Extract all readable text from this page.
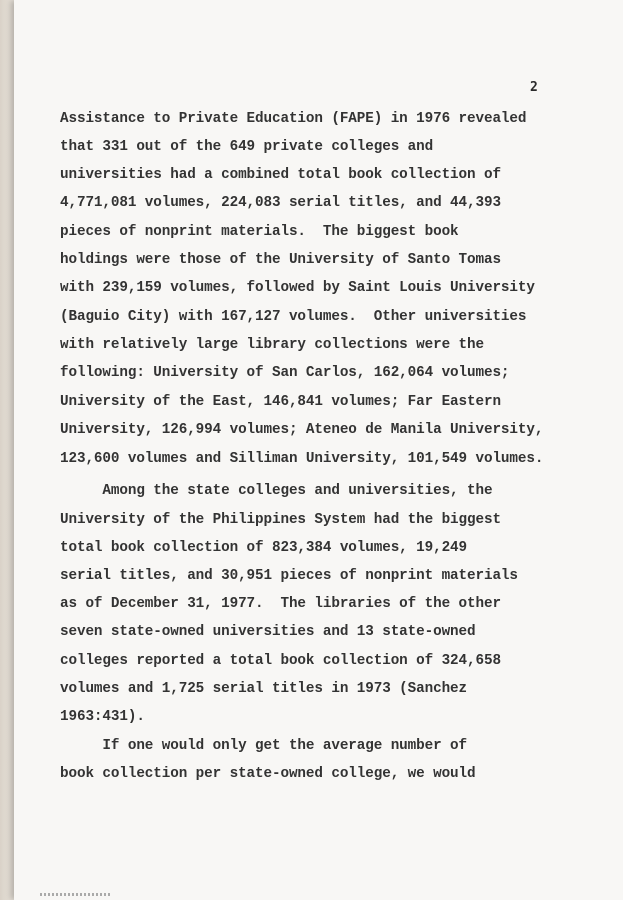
2
Assistance to Private Education (FAPE) in 1976 revealed
that 331 out of the 649 private colleges and
universities had a combined total book collection of
4,771,081 volumes, 224,083 serial titles, and 44,393
pieces of nonprint materials.  The biggest book
holdings were those of the University of Santo Tomas
with 239,159 volumes, followed by Saint Louis University
(Baguio City) with 167,127 volumes.  Other universities
with relatively large library collections were the
following: University of San Carlos, 162,064 volumes;
University of the East, 146,841 volumes; Far Eastern
University, 126,994 volumes; Ateneo de Manila University,
123,600 volumes and Silliman University, 101,549 volumes.
Among the state colleges and universities, the
University of the Philippines System had the biggest
total book collection of 823,384 volumes, 19,249
serial titles, and 30,951 pieces of nonprint materials
as of December 31, 1977.  The libraries of the other
seven state-owned universities and 13 state-owned
colleges reported a total book collection of 324,658
volumes and 1,725 serial titles in 1973 (Sanchez
1963:431).
If one would only get the average number of
book collection per state-owned college, we would
